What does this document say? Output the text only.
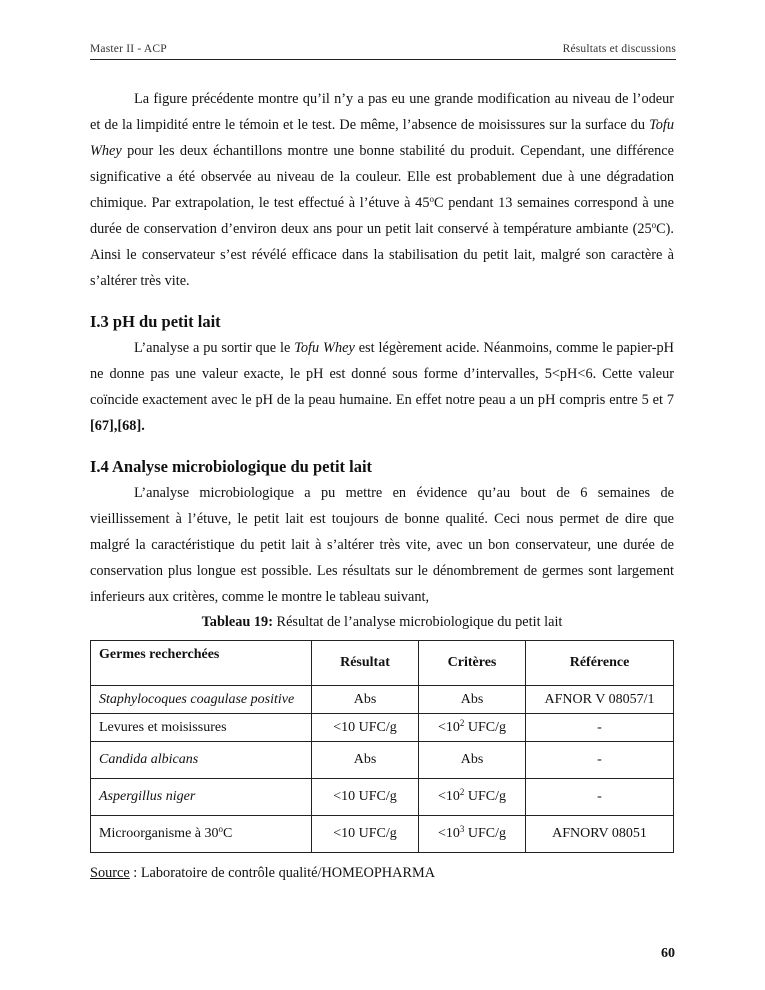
Master II - ACP	Résultats et discussions

La figure précédente montre qu’il n’y a pas eu une grande modification au niveau de l’odeur et de la limpidité entre le témoin et le test. De même, l’absence de moisissures sur la surface du Tofu Whey pour les deux échantillons montre une bonne stabilité du produit. Cependant, une différence significative a été observée au niveau de la couleur. Elle est probablement due à une dégradation chimique. Par extrapolation, le test effectué à l’étuve à 45$^o$C pendant 13 semaines correspond à une durée de conservation d’environ deux ans pour un petit lait conservé à température ambiante (25$^o$C). Ainsi le conservateur s’est révélé efficace dans la stabilisation du petit lait, malgré son caractère à s’altérer très vite.

I.3 pH du petit lait

L’analyse a pu sortir que le Tofu Whey est légèrement acide. Néanmoins, comme le papier-pH ne donne pas une valeur exacte, le pH est donné sous forme d’intervalles, 5<pH<6. Cette valeur coïncide exactement avec le pH de la peau humaine. En effet notre peau a un pH compris entre 5 et 7 [67],[68].

I.4 Analyse microbiologique du petit lait

L’analyse microbiologique a pu mettre en évidence qu’au bout de 6 semaines de vieillissement à l’étuve, le petit lait est toujours de bonne qualité. Ceci nous permet de dire que malgré la caractéristique du petit lait à s’altérer très vite, avec un bon conservateur, une durée de conservation plus longue est possible. Les résultats sur le dénombrement de germes sont largement inferieurs aux critères, comme le montre le tableau suivant,

Tableau 19: Résultat de l’analyse microbiologique du petit lait
Germes recherchées	Résultat	Critères	Référence
Staphylocoques coagulase positive	Abs	Abs	AFNOR V 08057/1
Levures et moisissures	<10 UFC/g	$<10^2$ UFC/g	-
Candida albicans	Abs	Abs	-
Aspergillus niger	<10 UFC/g	$<10^2$ UFC/g	-
Microorganisme à $30^oC$	<10 UFC/g	$<10^3$ UFC/g	AFNORV 08051
Source : Laboratoire de contrôle qualité/HOMEOPHARMA
60
